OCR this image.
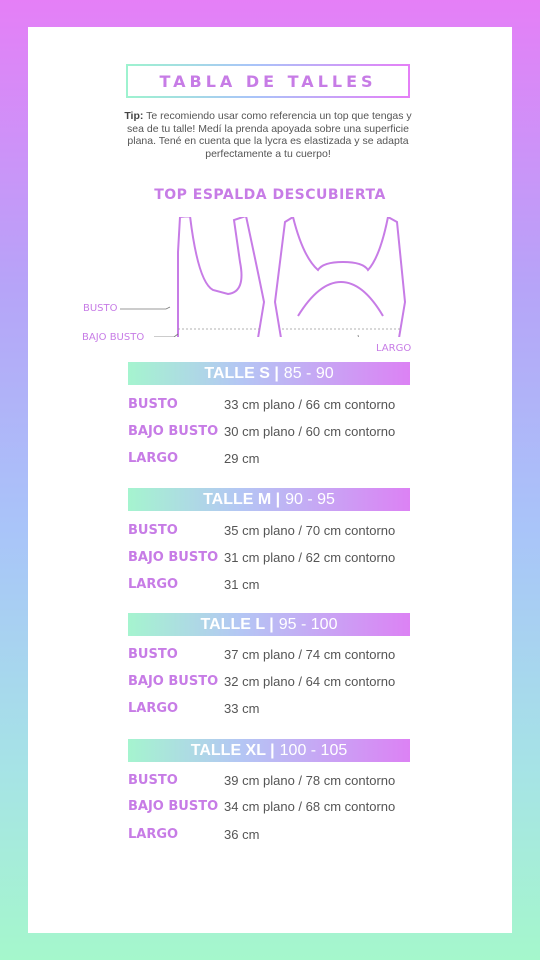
TABLA DE TALLES
Tip: Te recomiendo usar como referencia un top que tengas y sea de tu talle! Medí la prenda apoyada sobre una superficie plana. Tené en cuenta que la lycra es elastizada y se adapta perfectamente a tu cuerpo!
TOP ESPALDA DESCUBIERTA
BUSTO
BAJO BUSTO
LARGO
TALLE S | 85 - 90
BUSTO	33 cm plano / 66 cm contorno
BAJO BUSTO 30 cm plano / 60 cm contorno
LARGO	29 cm
TALLE M | 90 - 95
BUSTO	35 cm plano / 70 cm contorno
BAJO BUSTO 31 cm plano / 62 cm contorno
LARGO	31 cm
TALLE L | 95 - 100
BUSTO	37 cm plano / 74 cm contorno
BAJO BUSTO 32 cm plano / 64 cm contorno
LARGO	33 cm
TALLE XL | 100 - 105
BUSTO	39 cm plano / 78 cm contorno
BAJO BUSTO 34 cm plano / 68 cm contorno
LARGO	36 cm
